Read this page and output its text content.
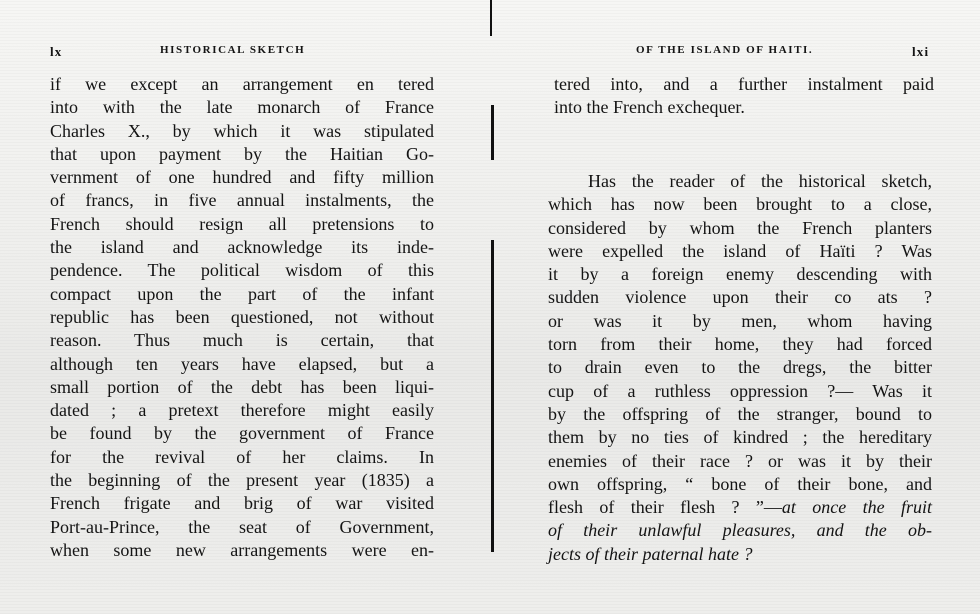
lx	HISTORICAL SKETCH
if we except an arrangement en tered
into with the late monarch of France
Charles X., by which it was stipulated
that upon payment by the Haitian Go-
vernment of one hundred and fifty million
of francs, in five annual instalments, the
French should resign all pretensions to
the island and acknowledge its inde-
pendence. The political wisdom of this
compact upon the part of the infant
republic has been questioned, not without
reason. Thus much is certain, that
although ten years have elapsed, but a
small portion of the debt has been liqui-
dated ; a pretext therefore might easily
be found by the government of France
for the revival of her claims. In
the beginning of the present year (1835) a
French frigate and brig of war visited
Port-au-Prince, the seat of Government,
when some new arrangements were en-
OF THE ISLAND OF HAITI.	lxi
tered into, and a further instalment paid
into the French exchequer.
Has the reader of the historical sketch,
which has now been brought to a close,
considered by whom the French planters
were expelled the island of Haïti ? Was
it by a foreign enemy descending with
sudden violence upon their co ats ?
or was it by men, whom having
torn from their home, they had forced
to drain even to the dregs, the bitter
cup of a ruthless oppression ?— Was it
by the offspring of the stranger, bound to
them by no ties of kindred ; the hereditary
enemies of their race ? or was it by their
own offspring, “ bone of their bone, and
flesh of their flesh ? ”—at once the fruit
of their unlawful pleasures, and the ob-
jects of their paternal hate ?
